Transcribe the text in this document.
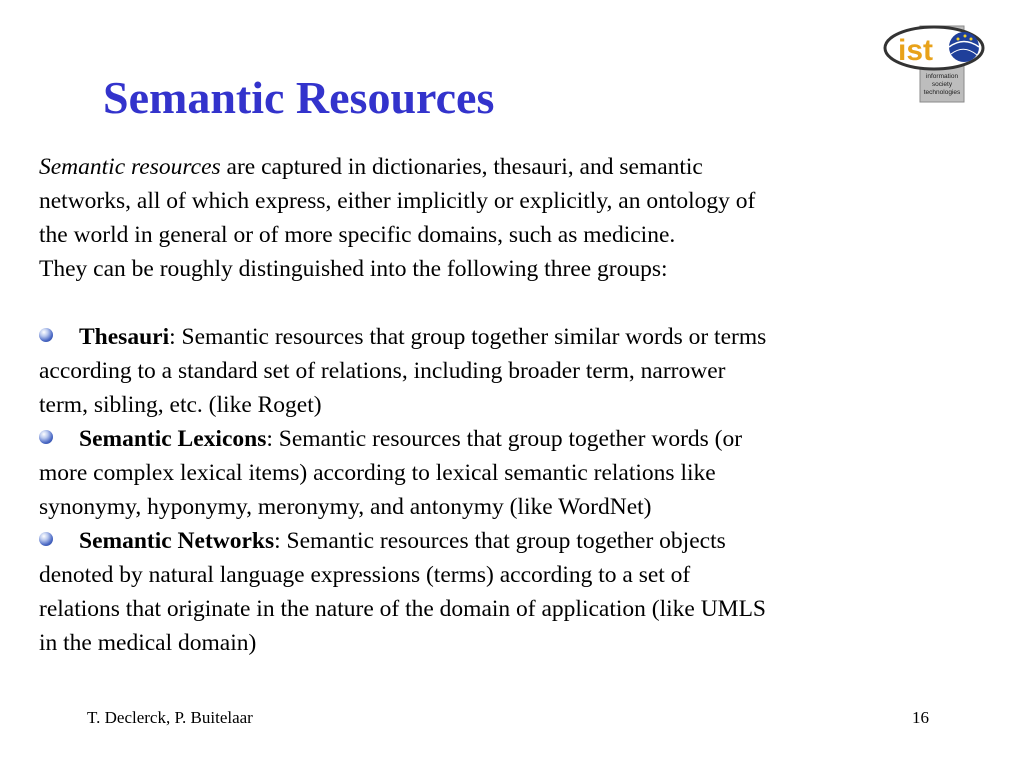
Semantic Resources
ist
information
society
technologies
Semantic resources are captured in dictionaries, thesauri, and semantic
networks, all of which express, either implicitly or explicitly, an ontology of
the world in general or of more specific domains, such as medicine.
They can be roughly distinguished into the following three groups:
Thesauri: Semantic resources that group together similar words or terms
according to a standard set of relations, including broader term, narrower
term, sibling, etc. (like Roget)
Semantic Lexicons: Semantic resources that group together words (or
more complex lexical items) according to lexical semantic relations like
synonymy, hyponymy, meronymy, and antonymy (like WordNet)
Semantic Networks: Semantic resources that group together objects
denoted by natural language expressions (terms) according to a set of
relations that originate in the nature of the domain of application (like UMLS
in the medical domain)
T. Declerck, P. Buitelaar	16
